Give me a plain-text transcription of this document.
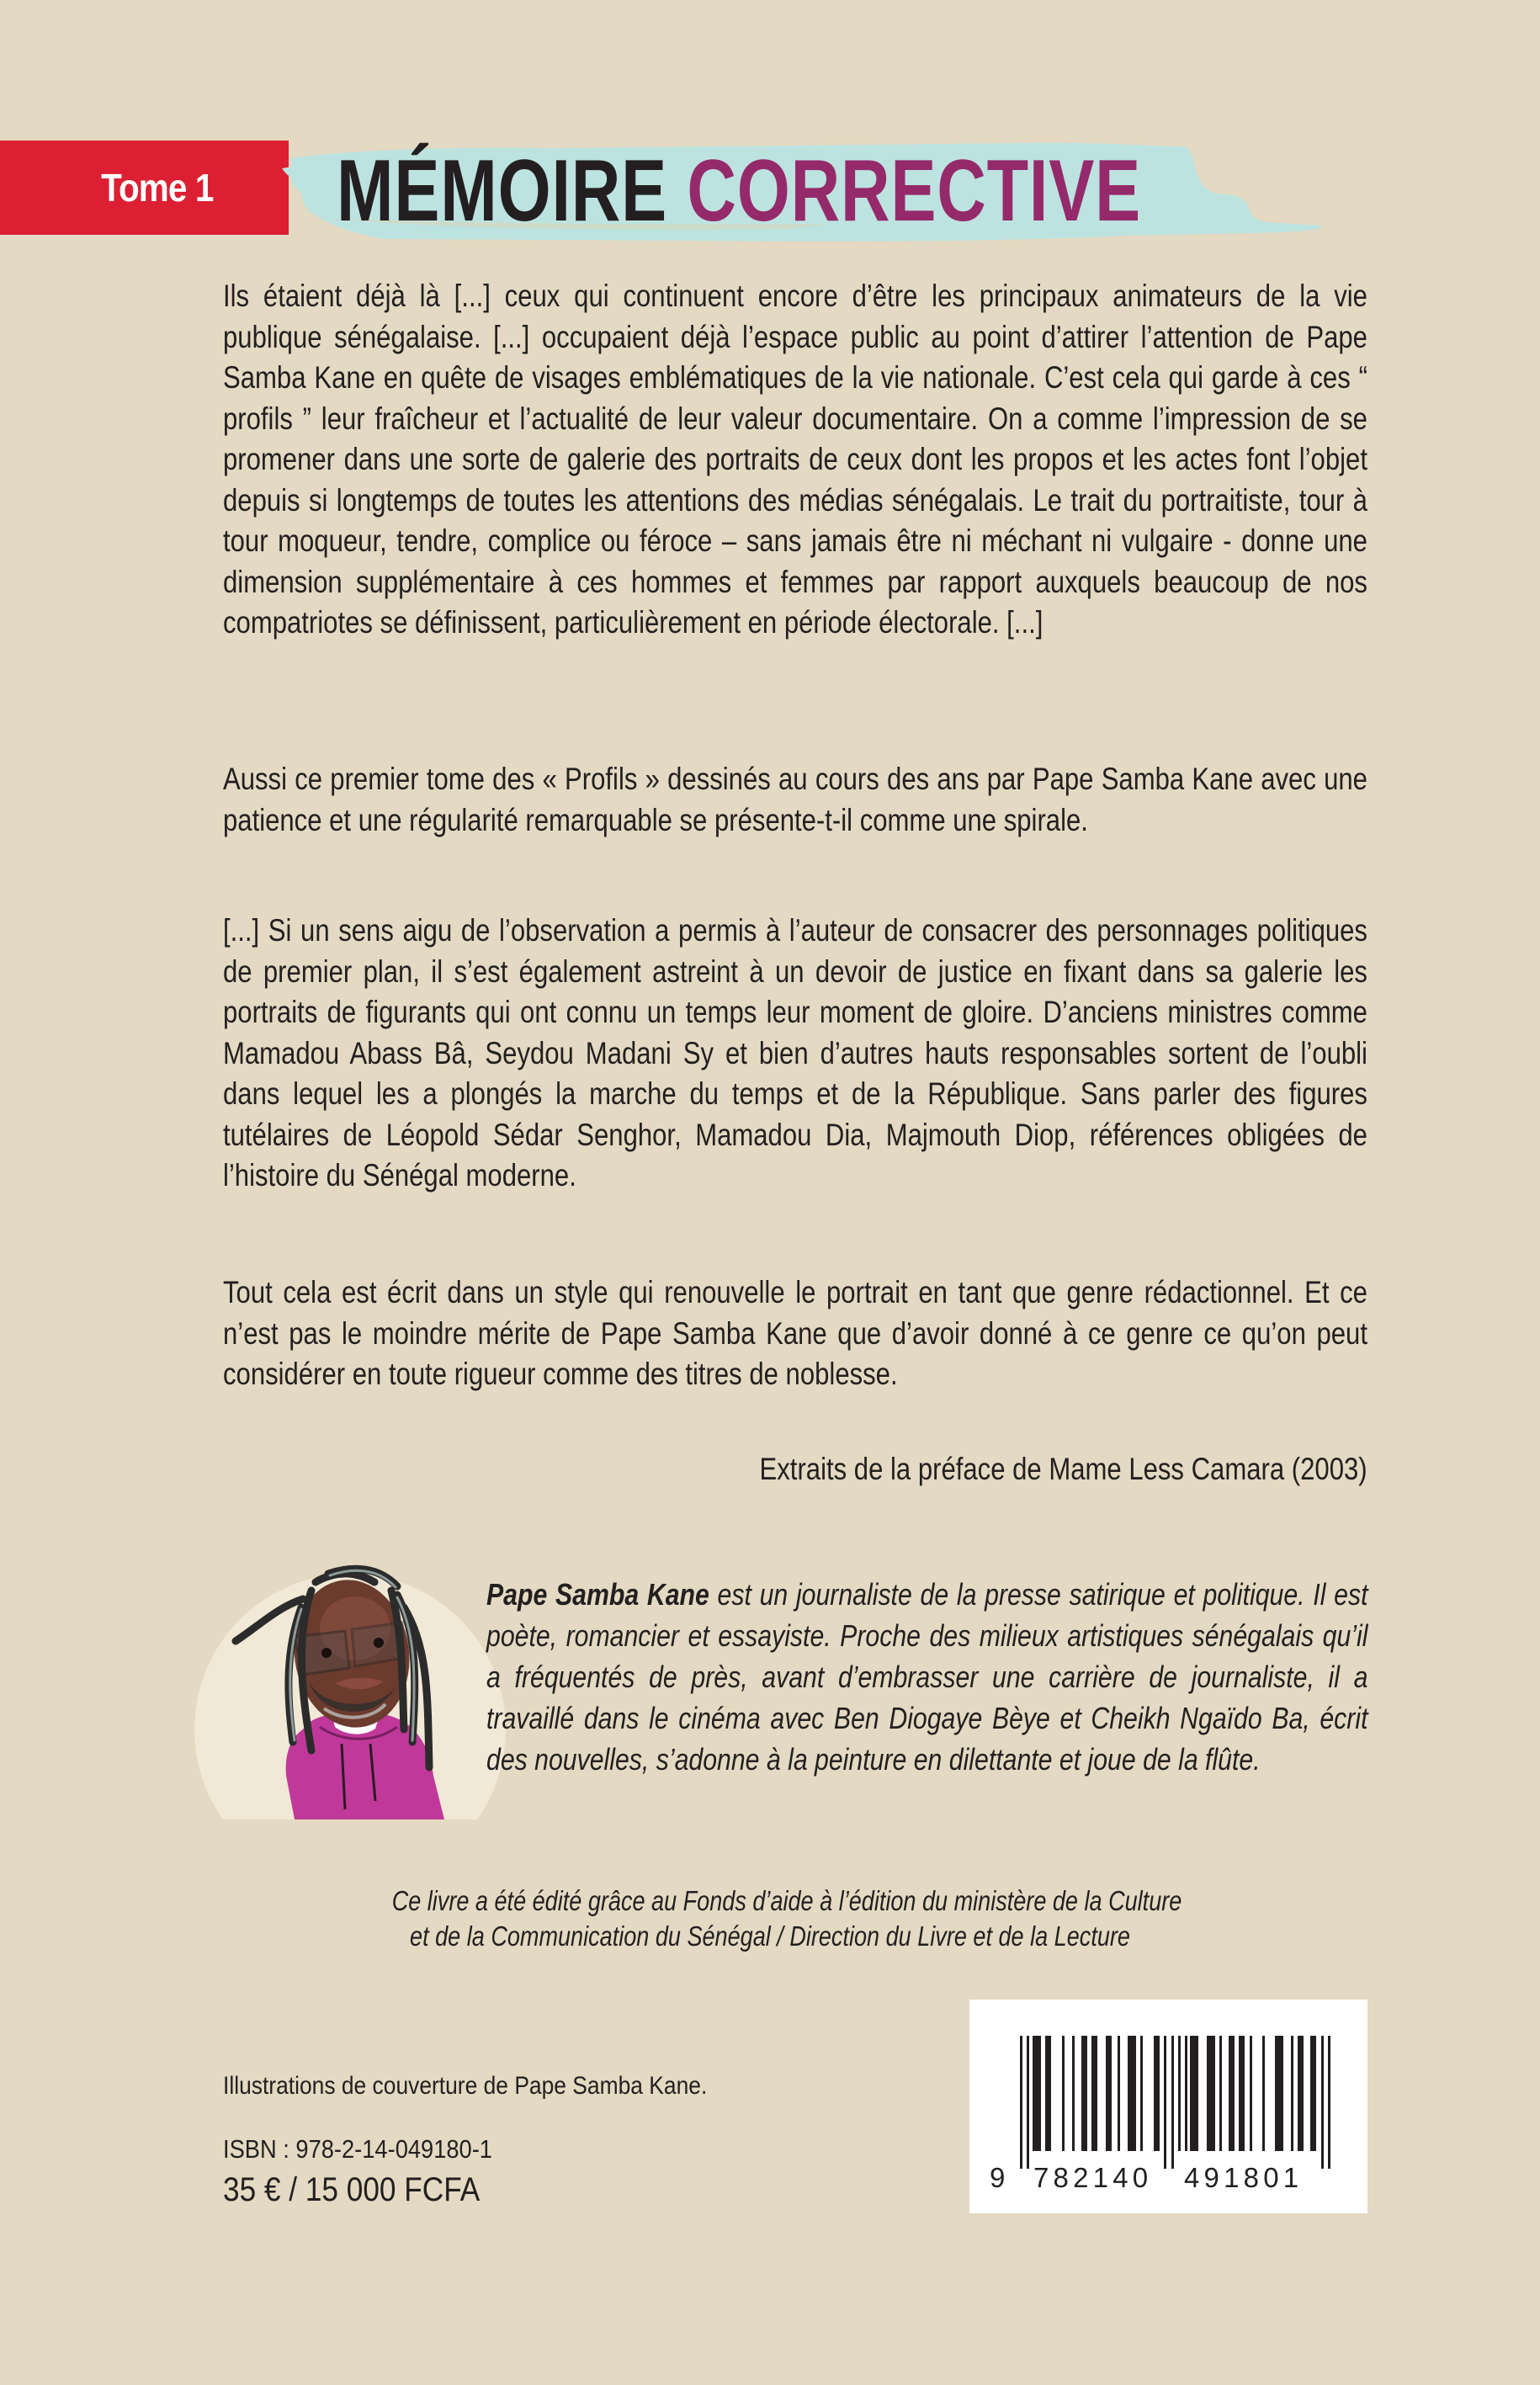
Tome 1 MÉMOIRE CORRECTIVE

Ils étaient déjà là [...] ceux qui continuent encore d’être les principaux animateurs de la vie publique sénégalaise. [...] occupaient déjà l’espace public au point d’attirer l’attention de Pape Samba Kane en quête de visages emblématiques de la vie nationale. C’est cela qui garde à ces “ profils ” leur fraîcheur et l’actualité de leur valeur documentaire. On a comme l’impression de se promener dans une sorte de galerie des portraits de ceux dont les propos et les actes font l’objet depuis si longtemps de toutes les attentions des médias sénégalais. Le trait du portraitiste, tour à tour moqueur, tendre, complice ou féroce – sans jamais être ni méchant ni vulgaire - donne une dimension supplémentaire à ces hommes et femmes par rapport auxquels beaucoup de nos compatriotes se définissent, particulièrement en période électorale. [...]

Aussi ce premier tome des « Profils » dessinés au cours des ans par Pape Samba Kane avec une patience et une régularité remarquable se présente-t-il comme une spirale.

[...] Si un sens aigu de l’observation a permis à l’auteur de consacrer des personnages politiques de premier plan, il s’est également astreint à un devoir de justice en fixant dans sa galerie les portraits de figurants qui ont connu un temps leur moment de gloire. D’anciens ministres comme Mamadou Abass Bâ, Seydou Madani Sy et bien d’autres hauts responsables sortent de l’oubli dans lequel les a plongés la marche du temps et de la République. Sans parler des figures tutélaires de Léopold Sédar Senghor, Mamadou Dia, Majmouth Diop, références obligées de l’histoire du Sénégal moderne.

Tout cela est écrit dans un style qui renouvelle le portrait en tant que genre rédactionnel. Et ce n’est pas le moindre mérite de Pape Samba Kane que d’avoir donné à ce genre ce qu’on peut considérer en toute rigueur comme des titres de noblesse.

Extraits de la préface de Mame Less Camara (2003)

Pape Samba Kane est un journaliste de la presse satirique et politique. Il est poète, romancier et essayiste. Proche des milieux artistiques sénégalais qu’il a fréquentés de près, avant d’embrasser une carrière de journaliste, il a travaillé dans le cinéma avec Ben Diogaye Bèye et Cheikh Ngaïdo Ba, écrit des nouvelles, s’adonne à la peinture en dilettante et joue de la flûte.

Ce livre a été édité grâce au Fonds d’aide à l’édition du ministère de la Culture
et de la Communication du Sénégal / Direction du Livre et de la Lecture
Illustrations de couverture de Pape Samba Kane.
ISBN : 978-2-14-049180-1
35 € / 15 000 FCFA	9 782140 491801
